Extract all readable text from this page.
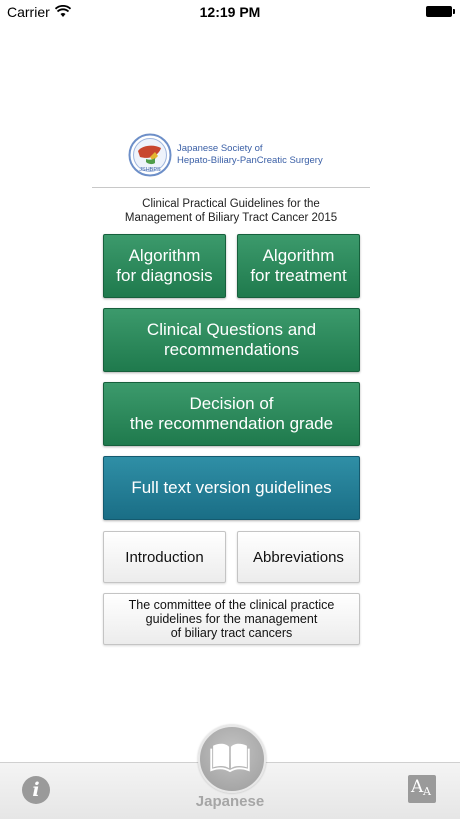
Carrier	12:19 PM
JSHBPS
Japanese Society of
Hepato-Biliary-PanCreatic Surgery
Clinical Practical Guidelines for the
Management of Biliary Tract Cancer 2015
Algorithm
for diagnosis
Algorithm
for treatment
Clinical Questions and
recommendations
Decision of
the recommendation grade
Full text version guidelines
Introduction	Abbreviations
The committee of the clinical practice
guidelines for the management
of biliary tract cancers
i
Japanese
A A
